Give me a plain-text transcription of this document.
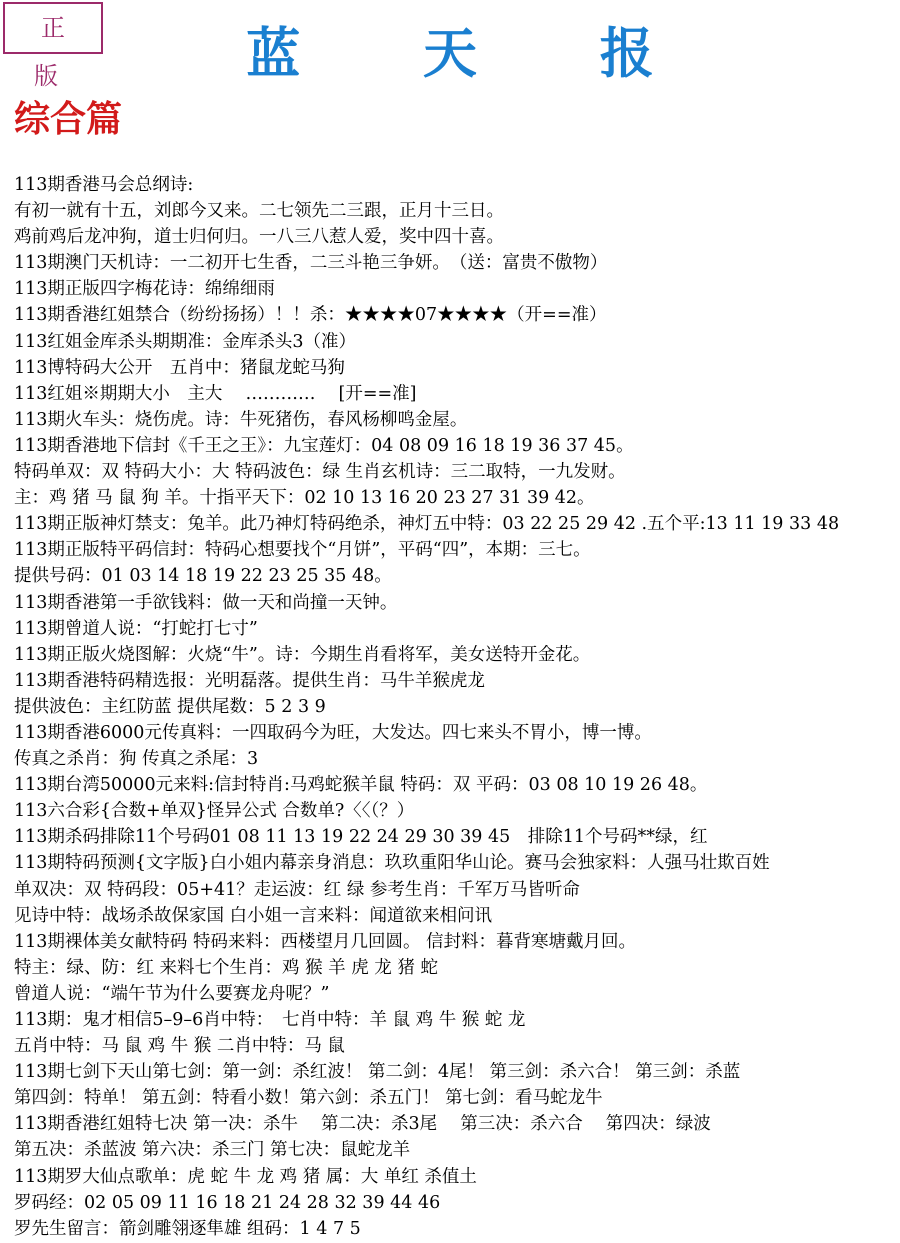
正 版	蓝 天 报
综合篇
113期香港马会总纲诗:
有初一就有十五，刘郎今又来。二七领先二三跟，正月十三日。
鸡前鸡后龙冲狗，道士归何归。一八三八惹人爱，奖中四十喜。
113期澳门天机诗：一二初开七生香，二三斗艳三争妍。　（送：富贵不傲物）
113期正版四字梅花诗：绵绵细雨
113期香港红姐禁合（纷纷扬扬）！！杀：★★★★07★★★★（开==准）
113红姐金库杀头期期准：金库杀头3（准）
113博特码大公开　五肖中：猪鼠龙蛇马狗
113红姐※期期大小　主大　 …………　 [开==准]
113期火车头：烧伤虎。诗：牛死猪伤，春风杨柳鸣金屋。
113期香港地下信封《千王之王》：九宝莲灯：04 08 09 16 18 19 36 37 45。
特码单双：双 特码大小：大 特码波色：绿 生肖玄机诗：三二取特，一九发财。
主：鸡 猪 马 鼠 狗 羊。十指平天下：02 10 13 16 20 23 27 31 39 42。
113期正版神灯禁支：兔羊。此乃神灯特码绝杀，神灯五中特：03 22 25 29 42 .五个平:13 11 19 33 48
113期正版特平码信封：特码心想要找个“月饼”，平码“四”，本期：三七。
提供号码：01 03 14 18 19 22 23 25 35 48。
113期香港第一手欲钱料：做一天和尚撞一天钟。
113期曾道人说：“打蛇打七寸”
113期正版火烧图解：火烧“牛”。诗：今期生肖看将军，美女送特开金花。
113期香港特码精选报：光明磊落。提供生肖：马牛羊猴虎龙
提供波色：主红防蓝 提供尾数：5 2 3 9
113期香港6000元传真料：一四取码今为旺，大发达。四七来头不胃小，博一博。
传真之杀肖：狗 传真之杀尾：3
113期台湾50000元来料:信封特肖:马鸡蛇猴羊鼠 特码：双 平码：03 08 10 19 26 48。
113六合彩{合数+单双}怪异公式 合数单?〈〈（？）
113期杀码排除11个号码01 08 11 13 19 22 24 29 30 39 45　排除11个号码**绿，红
113期特码预测{文字版}白小姐内幕亲身消息：玖玖重阳华山论。赛马会独家料：人强马壮欺百姓
单双决：双 特码段：05+41？走运波：红 绿 参考生肖：千军万马皆听命
见诗中特：战场杀故保家国 白小姐一言来料：闻道欲来相问讯
113期裸体美女献特码 特码来料：西楼望月几回圆。 信封料：暮背寒塘戴月回。
特主：绿、防：红 来料七个生肖：鸡 猴 羊 虎 龙 猪 蛇
曾道人说：“端午节为什么要赛龙舟呢？”
113期：鬼才相信5–9–6肖中特：　七肖中特：羊 鼠 鸡 牛 猴 蛇 龙
五肖中特：马 鼠 鸡 牛 猴 二肖中特：马 鼠
113期七剑下天山第七剑：第一剑：杀红波！ 第二剑：4尾！ 第三剑：杀六合！ 第三剑：杀蓝
第四剑：特单！ 第五剑：特看小数！第六剑：杀五门！ 第七剑：看马蛇龙牛
113期香港红姐特七决 第一决：杀牛　 第二决：杀3尾　 第三决：杀六合　 第四决：绿波
第五决：杀蓝波 第六决：杀三门 第七决：鼠蛇龙羊
113期罗大仙点歌单：虎 蛇 牛 龙 鸡 猪 属：大 单红 杀值土
罗码经：02 05 09 11 16 18 21 24 28 32 39 44 46
罗先生留言：箭剑雕翎逐隼雄 组码：1 4 7 5
